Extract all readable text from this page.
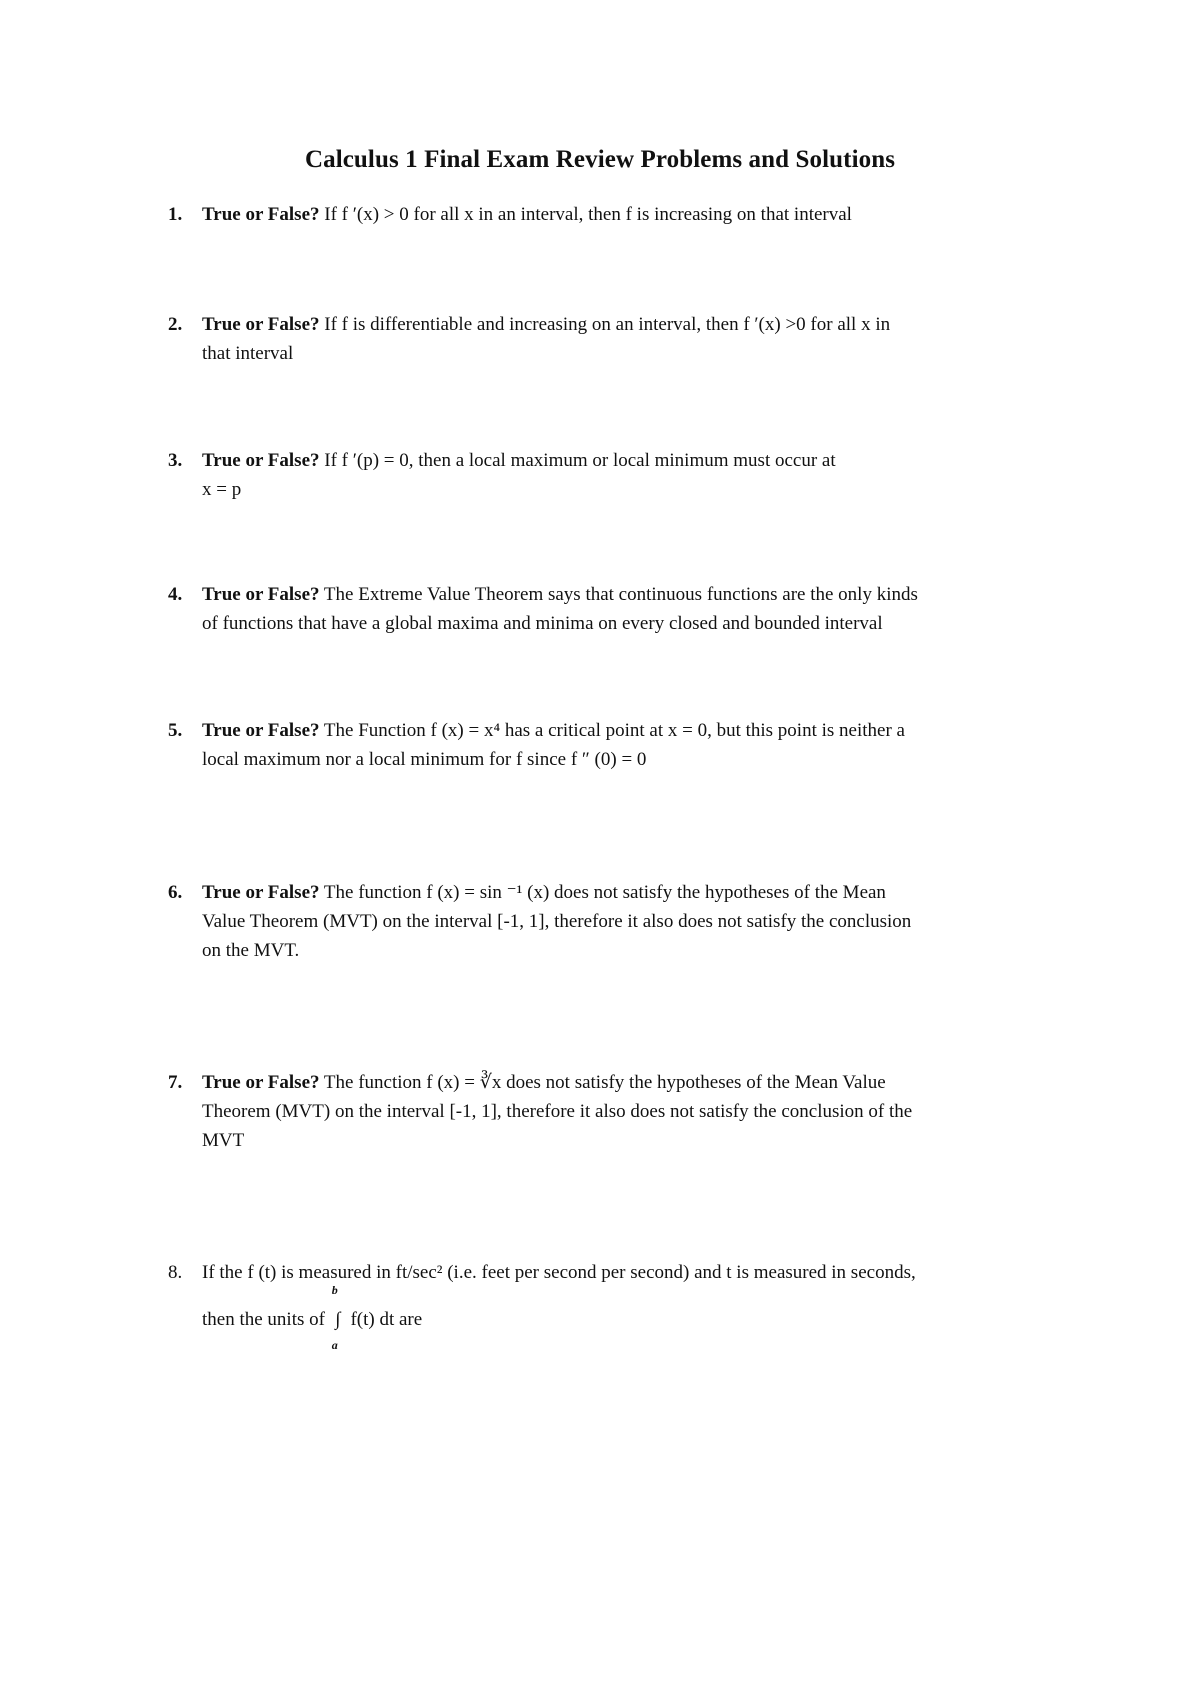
Calculus 1 Final Exam Review Problems and Solutions
1.	True or False? If f ′(x) > 0 for all x in an interval, then f is increasing on that interval
2.	True or False? If f is differentiable and increasing on an interval, then f ′(x) >0 for all x in
that interval
3.	True or False? If f ′(p) = 0, then a local maximum or local minimum must occur at
x = p
4.	True or False? The Extreme Value Theorem says that continuous functions are the only kinds
of functions that have a global maxima and minima on every closed and bounded interval
5.	True or False? The Function f (x) = x⁴ has a critical point at x = 0, but this point is neither a
local maximum nor a local minimum for f since f ″ (0) = 0
6.	True or False? The function f (x) = sin ⁻¹ (x) does not satisfy the hypotheses of the Mean
Value Theorem (MVT) on the interval [-1, 1], therefore it also does not satisfy the conclusion
on the MVT.
7.	True or False? The function f (x) = ∛x does not satisfy the hypotheses of the Mean Value
Theorem (MVT) on the interval [-1, 1], therefore it also does not satisfy the conclusion of the
MVT
8.	If the f (t) is measured in ft/sec² (i.e. feet per second per second) and t is measured in seconds,
then the units of
b
∫
a
f(t) dt are
